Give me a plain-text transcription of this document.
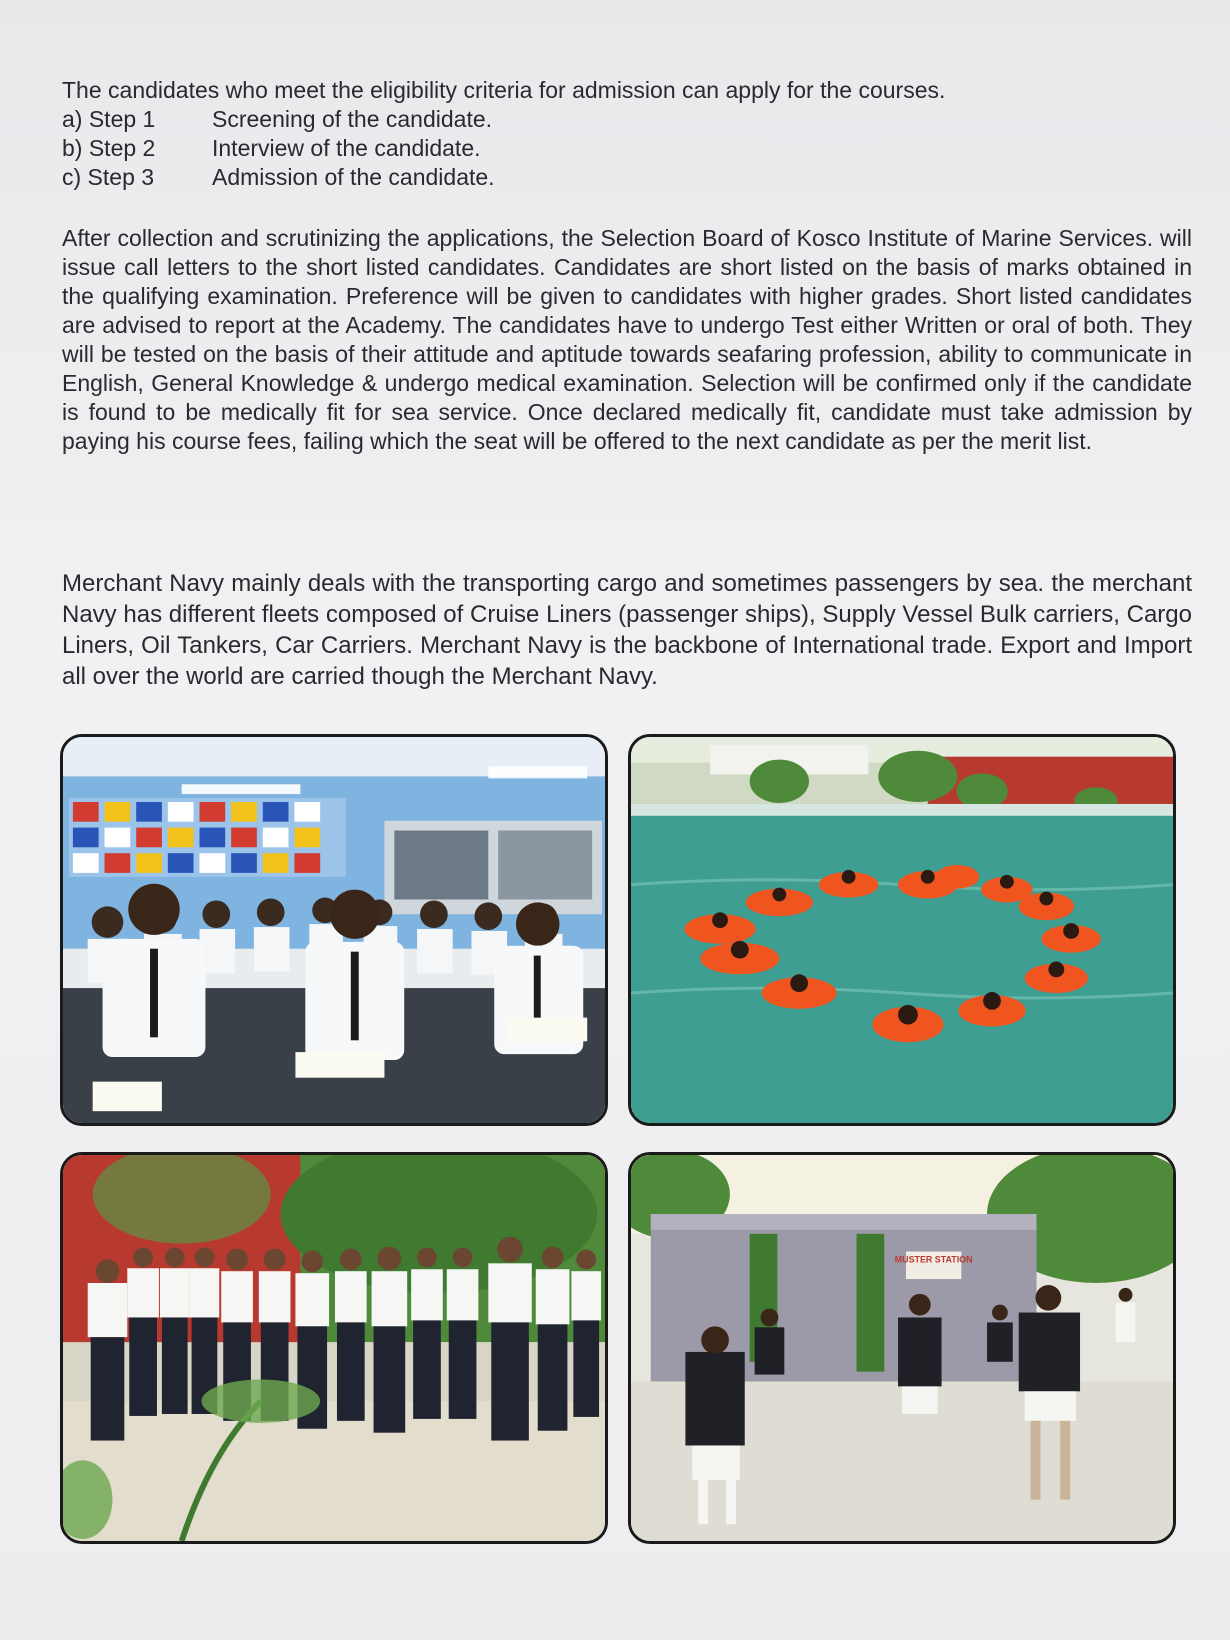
The candidates who meet the eligibility criteria for admission can apply for the courses.
a) Step 1	Screening of the candidate.
b) Step 2	Interview of the candidate.
c) Step 3	Admission of the candidate.

After collection and scrutinizing the applications, the Selection Board of Kosco Institute of Marine Services. will issue call letters to the short listed candidates. Candidates are short listed on the basis of marks obtained in the qualifying examination. Preference will be given to candidates with higher grades. Short listed candidates are advised to report at the Academy. The candidates have to undergo Test either Written or oral of both. They will be tested on the basis of their attitude and aptitude towards seafaring profession, ability to communicate in English, General Knowledge & undergo medical examination. Selection will be confirmed only if the candidate is found to be medically fit for sea service. Once declared medically fit, candidate must take admission by paying his course fees, failing which the seat will be offered to the next candidate as per the merit list.

Merchant Navy mainly deals with the transporting cargo and sometimes passengers by sea. the merchant Navy has different fleets composed of Cruise Liners (passenger ships), Supply Vessel Bulk carriers, Cargo Liners, Oil Tankers, Car Carriers. Merchant Navy is the backbone of International trade. Export and Import all over the world are carried though the Merchant Navy.

MUSTER STATION
